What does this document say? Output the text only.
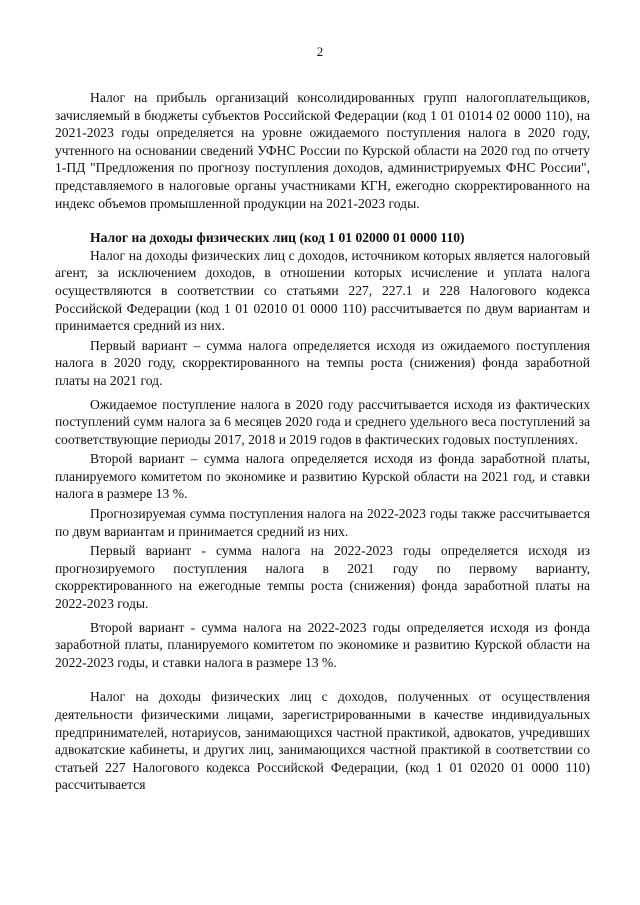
2

Налог на прибыль организаций консолидированных групп налогоплательщиков, зачисляемый в бюджеты субъектов Российской Федерации (код 1 01 01014 02 0000 110), на 2021-2023 годы определяется на уровне ожидаемого поступления налога в 2020 году, учтенного на основании сведений УФНС России по Курской области на 2020 год по отчету 1-ПД "Предложения по прогнозу поступления доходов, администрируемых ФНС России", представляемого в налоговые органы участниками КГН, ежегодно скорректированного на индекс объемов промышленной продукции на 2021-2023 годы.

Налог на доходы физических лиц (код 1 01 02000 01 0000 110)

Налог на доходы физических лиц с доходов, источником которых является налоговый агент, за исключением доходов, в отношении которых исчисление и уплата налога осуществляются в соответствии со статьями 227, 227.1 и 228 Налогового кодекса Российской Федерации (код 1 01 02010 01 0000 110) рассчитывается по двум вариантам и принимается средний из них.

Первый вариант – сумма налога определяется исходя из ожидаемого поступления налога в 2020 году, скорректированного на темпы роста (снижения) фонда заработной платы на 2021 год.

Ожидаемое поступление налога в 2020 году рассчитывается исходя из фактических поступлений сумм налога за 6 месяцев 2020 года и среднего удельного веса поступлений за соответствующие периоды 2017, 2018 и 2019 годов в фактических годовых поступлениях.

Второй вариант – сумма налога определяется исходя из фонда заработной платы, планируемого комитетом по экономике и развитию Курской области на 2021 год, и ставки налога в размере 13 %.

Прогнозируемая сумма поступления налога на 2022-2023 годы также рассчитывается по двум вариантам и принимается средний из них.

Первый вариант - сумма налога на 2022-2023 годы определяется исходя из прогнозируемого поступления налога в 2021 году по первому варианту, скорректированного на ежегодные темпы роста (снижения) фонда заработной платы на 2022-2023 годы.

Второй вариант - сумма налога на 2022-2023 годы определяется исходя из фонда заработной платы, планируемого комитетом по экономике и развитию Курской области на 2022-2023 годы, и ставки налога в размере 13 %.

Налог на доходы физических лиц с доходов, полученных от осуществления деятельности физическими лицами, зарегистрированными в качестве индивидуальных предпринимателей, нотариусов, занимающихся частной практикой, адвокатов, учредивших адвокатские кабинеты, и других лиц, занимающихся частной практикой в соответствии со статьей 227 Налогового кодекса Российской Федерации, (код 1 01 02020 01 0000 110) рассчитывается
